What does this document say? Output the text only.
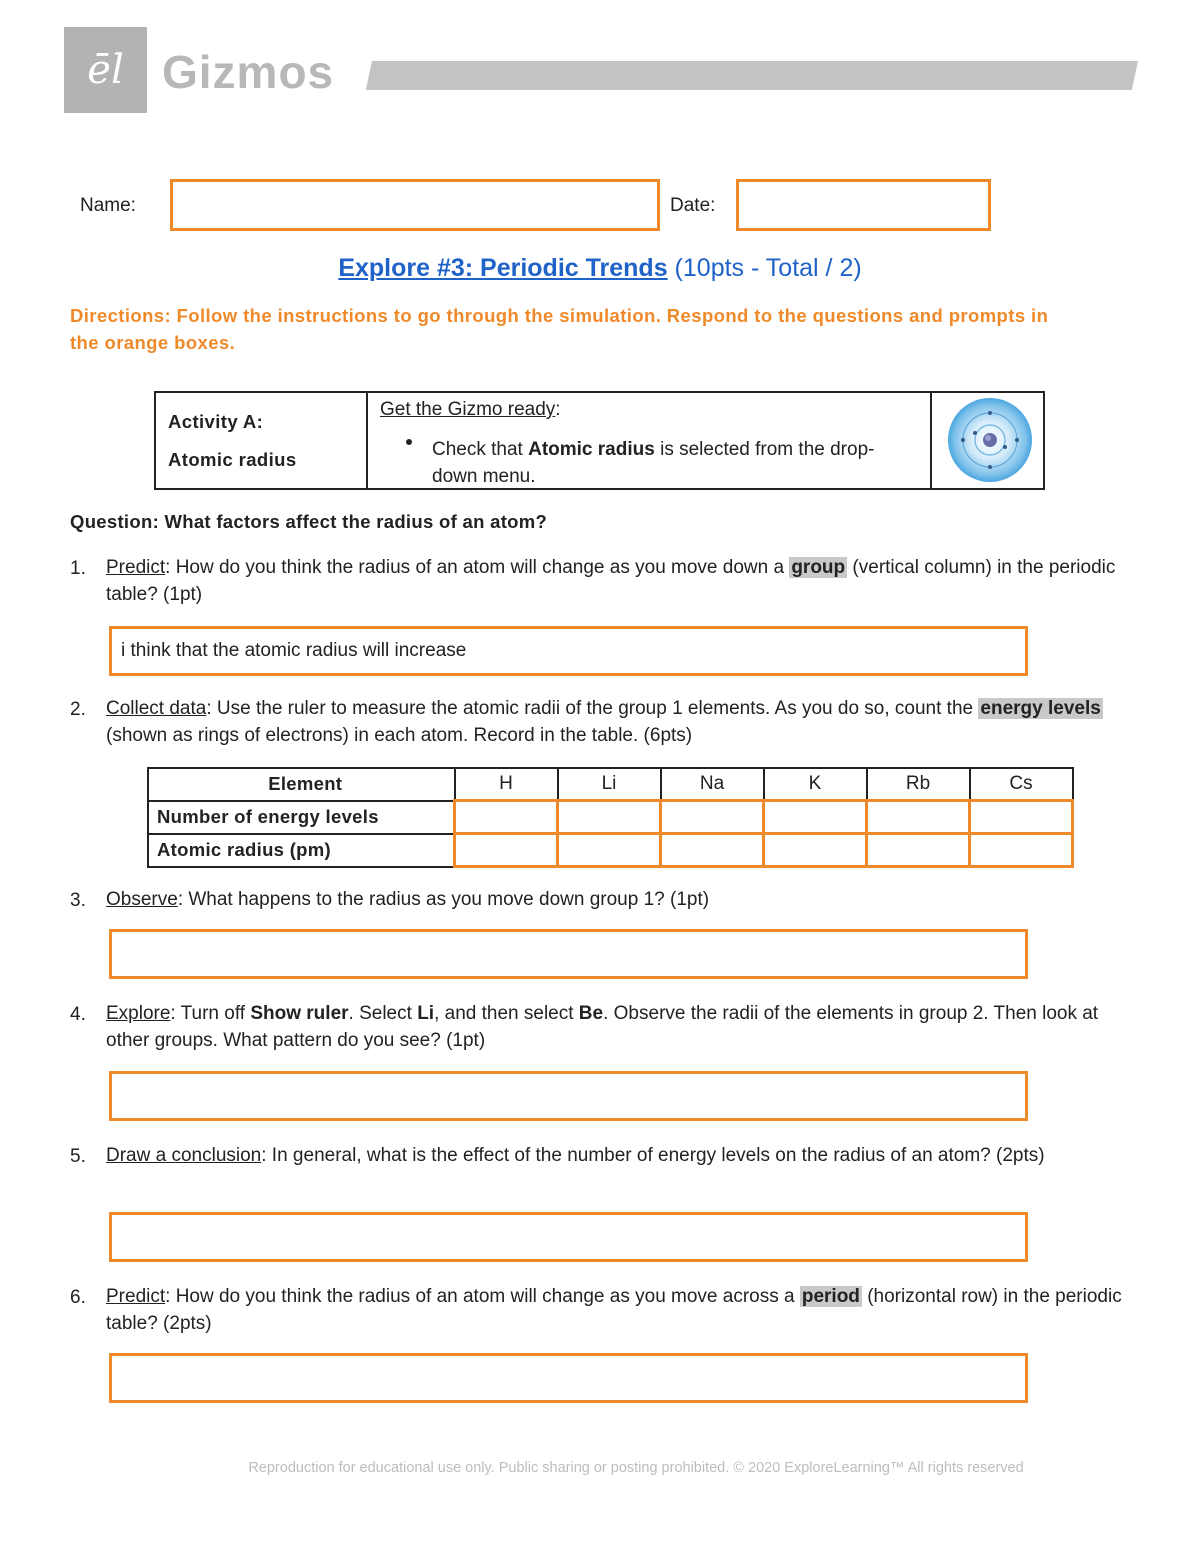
ēl Gizmos
Name:	Date:
Explore #3: Periodic Trends (10pts - Total / 2)
Directions: Follow the instructions to go through the simulation. Respond to the questions and prompts in the orange boxes.
Activity A:
Atomic radius
Get the Gizmo ready:
Check that Atomic radius is selected from the drop-down menu.
Question: What factors affect the radius of an atom?
1. Predict: How do you think the radius of an atom will change as you move down a group (vertical column) in the periodic table? (1pt)
i think that the atomic radius will increase
2. Collect data: Use the ruler to measure the atomic radii of the group 1 elements. As you do so, count the energy levels (shown as rings of electrons) in each atom. Record in the table. (6pts)
Element	H	Li	Na	K	Rb	Cs
Number of energy levels						
Atomic radius (pm)						
3. Observe: What happens to the radius as you move down group 1? (1pt)
4. Explore: Turn off Show ruler. Select Li, and then select Be. Observe the radii of the elements in group 2. Then look at other groups. What pattern do you see? (1pt)
5. Draw a conclusion: In general, what is the effect of the number of energy levels on the radius of an atom? (2pts)
6. Predict: How do you think the radius of an atom will change as you move across a period (horizontal row) in the periodic table? (2pts)
Reproduction for educational use only. Public sharing or posting prohibited. © 2020 ExploreLearning™ All rights reserved
